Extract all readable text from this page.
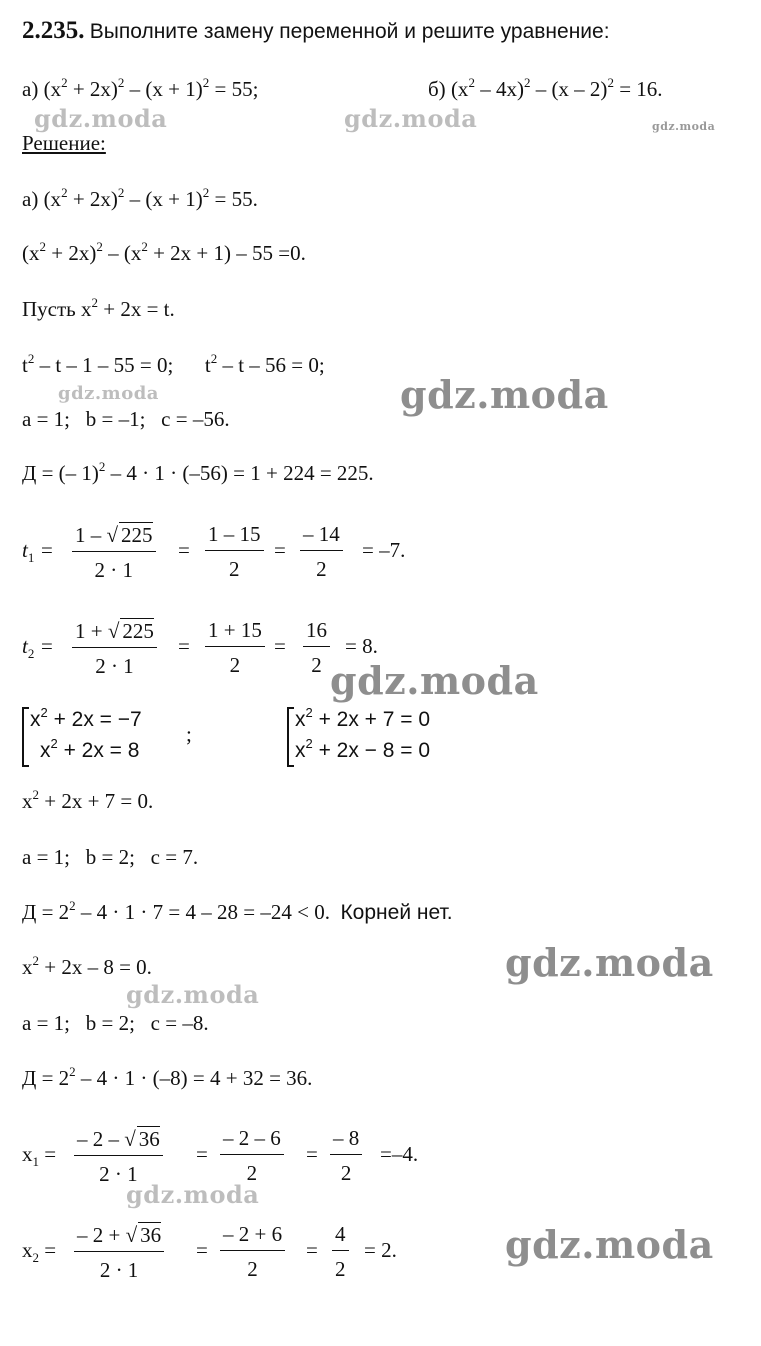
2.235. Выполните замену переменной и решите уравнение:
а) $(x^2 + 2x)^2 - (x + 1)^2 = 55$;	б) $(x^2 - 4x)^2 - (x - 2)^2 = 16$.
Решение:
а) $(x^2 + 2x)^2 - (x + 1)^2 = 55$.
$(x^2 + 2x)^2 - (x^2 + 2x + 1) - 55 =0$.
Пусть $x^2 + 2x = t$.
$t^2 - t - 1 - 55 = 0$;      $t^2 - t - 56 = 0$;
a = 1;   b = –1;   c = –56.
Д = (– 1)$^2$ – 4 · 1 · (–56) = 1 + 224 = 225.
$t_1 = \frac{1 - √ 225}{2 \cdot 1} = \frac{1 - 15}{2} = \frac{- 14}{2} = -7$.
$t_2 = \frac{1 + √ 225}{2 \cdot 1} = \frac{1 + 15}{2} = \frac{16}{2} = 8$.
$x^2 + 2x = -7$
$x^2 + 2x = 8$
;
$x^2 + 2x + 7 = 0$
$x^2 + 2x - 8 = 0$
$x^2 + 2x + 7 = 0$.
a = 1;   b = 2;   c = 7.
$Д = 2^2 - 4 \cdot 1 \cdot 7 = 4 - 28 = -24 < 0$.  Корней нет.
$x^2 + 2x - 8 = 0$.
a = 1;   b = 2;   c = –8.
$Д = 2^2 - 4 \cdot 1 \cdot (-8) = 4 + 32 = 36$.
$x_1 = \frac{- 2 - √ 36}{2 \cdot 1} = \frac{- 2 - 6}{2} = \frac{- 8}{2} =-4$.
$x_2 = \frac{- 2 + √ 36}{2 \cdot 1} = \frac{- 2 + 6}{2} = \frac{4}{2} = 2$.
gdz.moda	gdz.moda	gdz.moda
gdz.moda	gdz.moda
gdz.moda
gdz.moda
gdz.moda
gdz.moda
gdz.moda
